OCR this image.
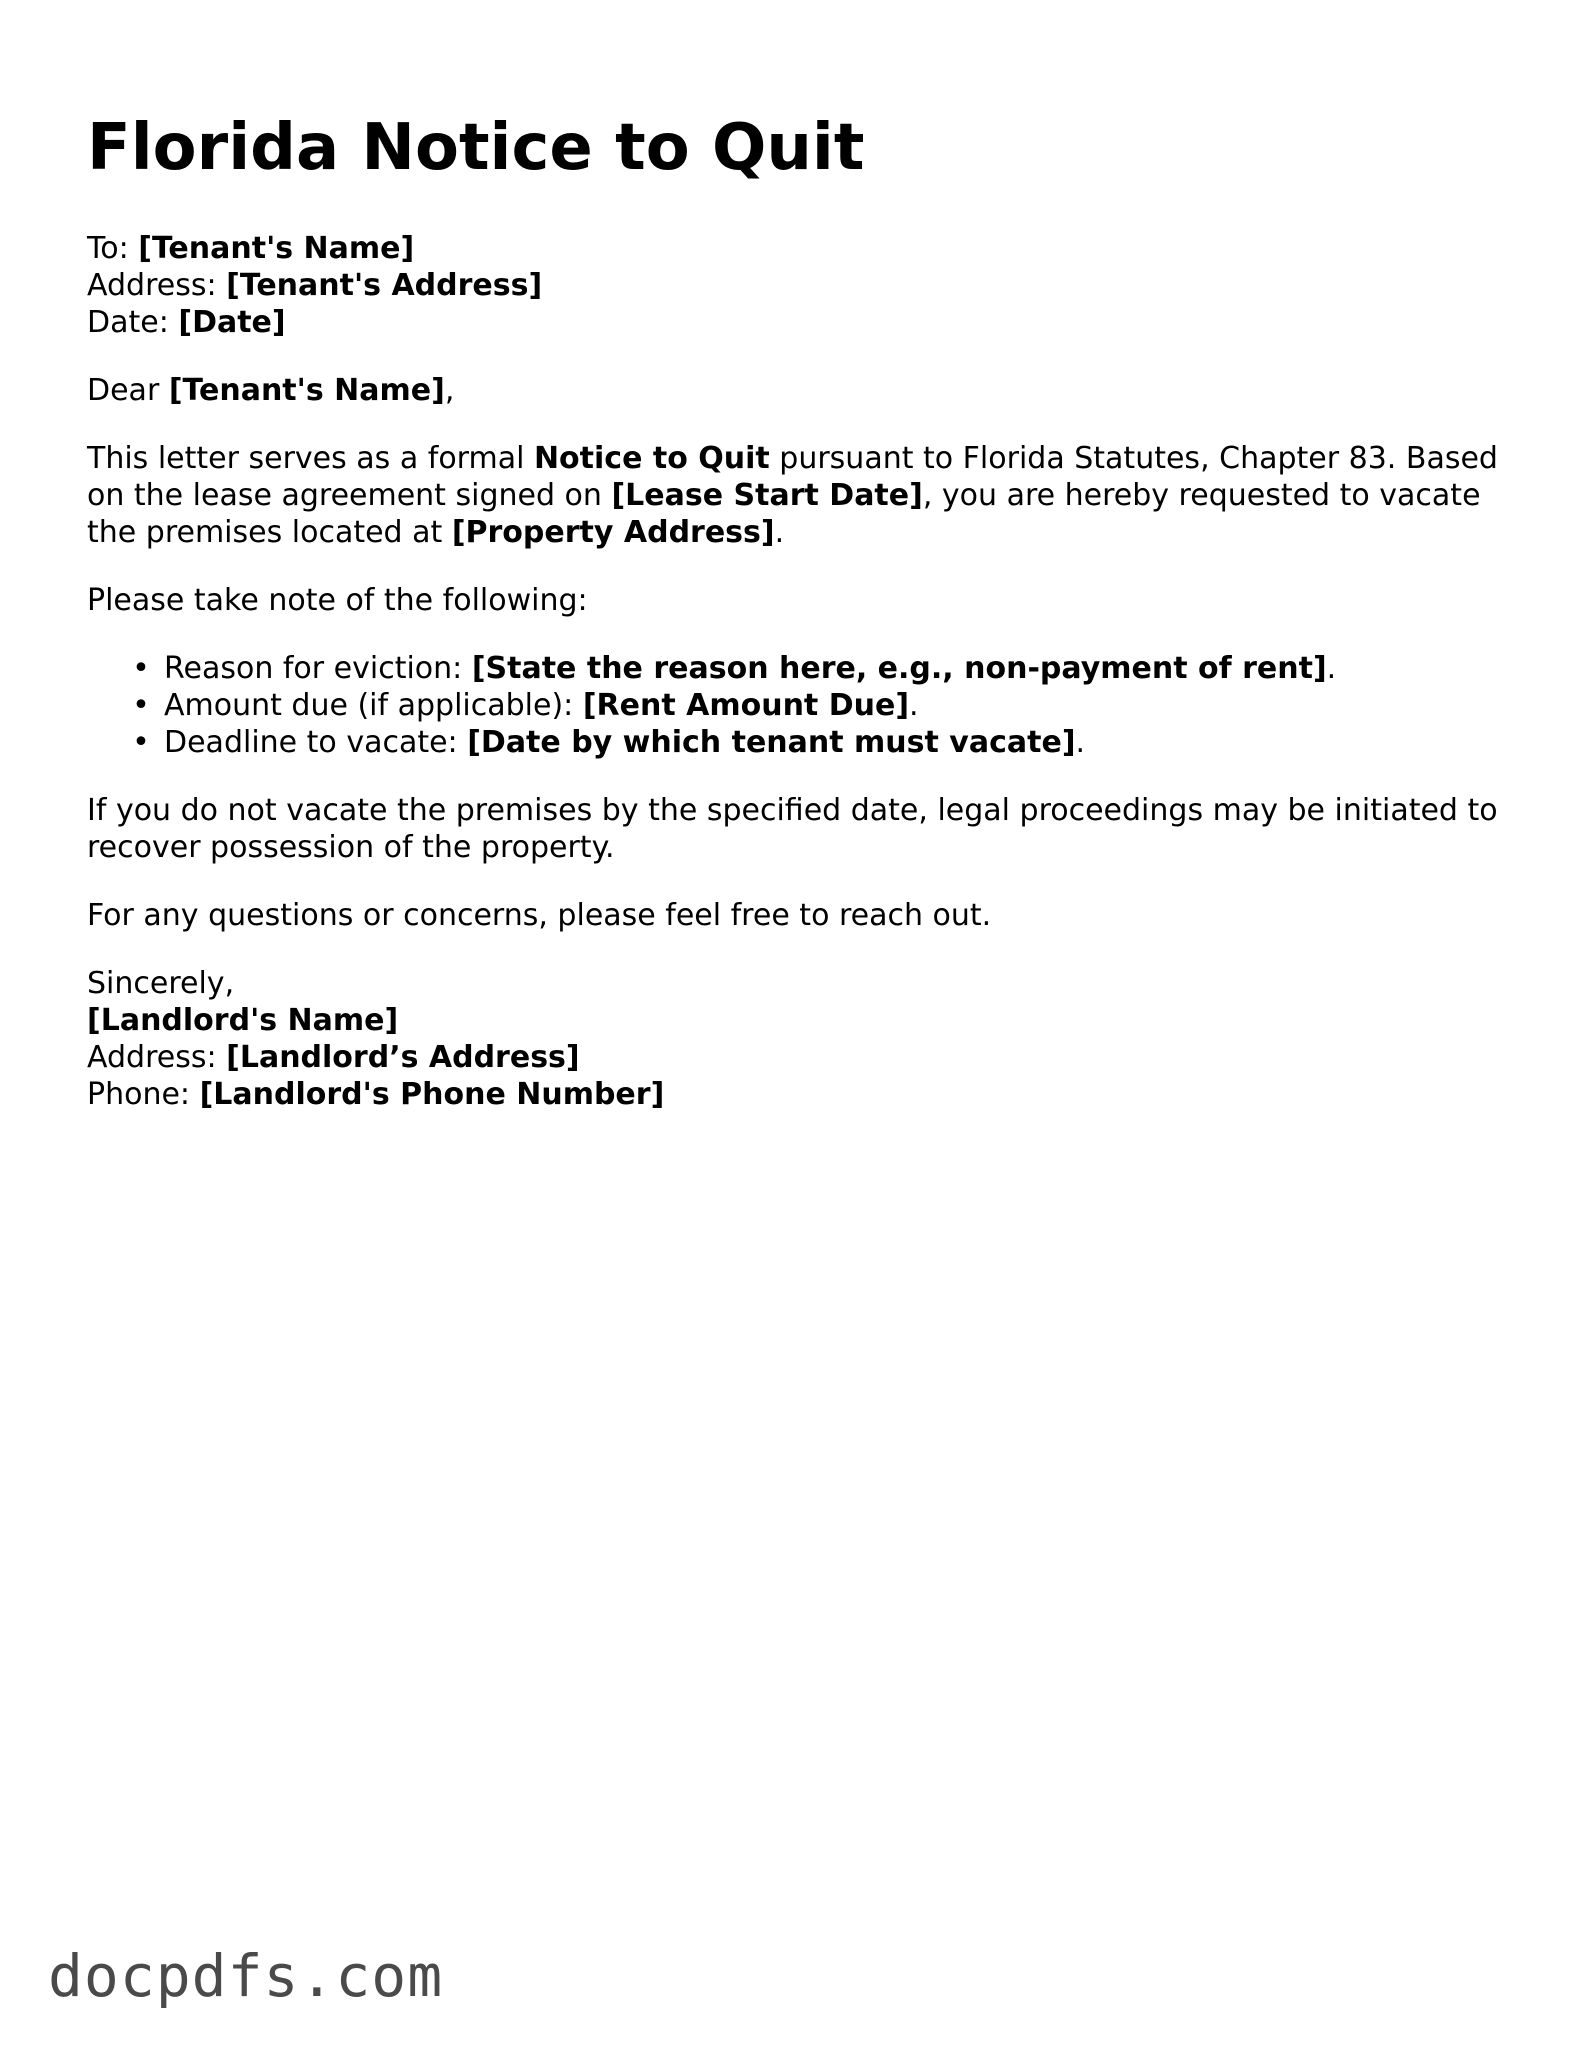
Florida Notice to Quit

To: [Tenant's Name]
Address: [Tenant's Address]
Date: [Date]

Dear [Tenant's Name],

This letter serves as a formal Notice to Quit pursuant to Florida Statutes, Chapter 83. Based on the lease agreement signed on [Lease Start Date], you are hereby requested to vacate the premises located at [Property Address].

Please take note of the following:

• Reason for eviction: [State the reason here, e.g., non-payment of rent].
• Amount due (if applicable): [Rent Amount Due].
• Deadline to vacate: [Date by which tenant must vacate].

If you do not vacate the premises by the specified date, legal proceedings may be initiated to recover possession of the property.

For any questions or concerns, please feel free to reach out.

Sincerely,
[Landlord's Name]
Address: [Landlord’s Address]
Phone: [Landlord's Phone Number]

docpdfs.com
